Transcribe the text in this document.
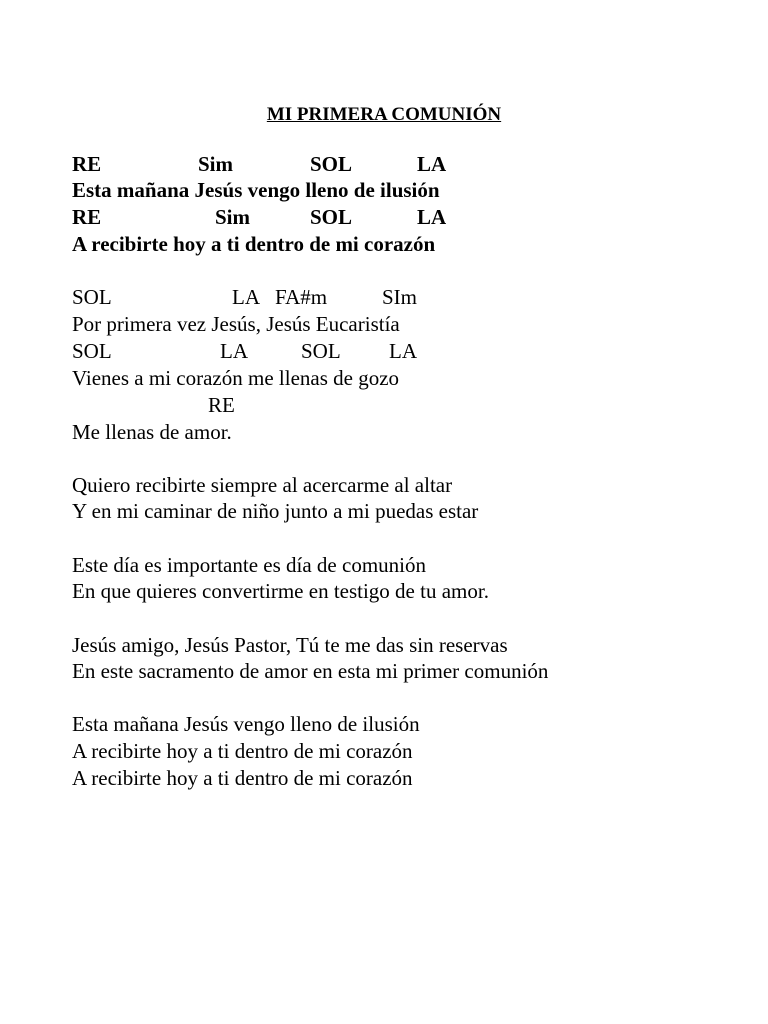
MI PRIMERA COMUNIÓN
RE	Sim	SOL	LA
Esta mañana Jesús vengo lleno de ilusión
RE	Sim	SOL	LA
A recibirte hoy a ti dentro de mi corazón
SOL	LA FA#m	SIm
Por primera vez Jesús, Jesús Eucaristía
SOL	LA	SOL LA
Vienes a mi corazón me llenas de gozo
RE
Me llenas de amor.
Quiero recibirte siempre al acercarme al altar
Y en mi caminar de niño junto a mi puedas estar
Este día es importante es día de comunión
En que quieres convertirme en testigo de tu amor.
Jesús amigo, Jesús Pastor, Tú te me das sin reservas
En este sacramento de amor en esta mi primer comunión
Esta mañana Jesús vengo lleno de ilusión
A recibirte hoy a ti dentro de mi corazón
A recibirte hoy a ti dentro de mi corazón
